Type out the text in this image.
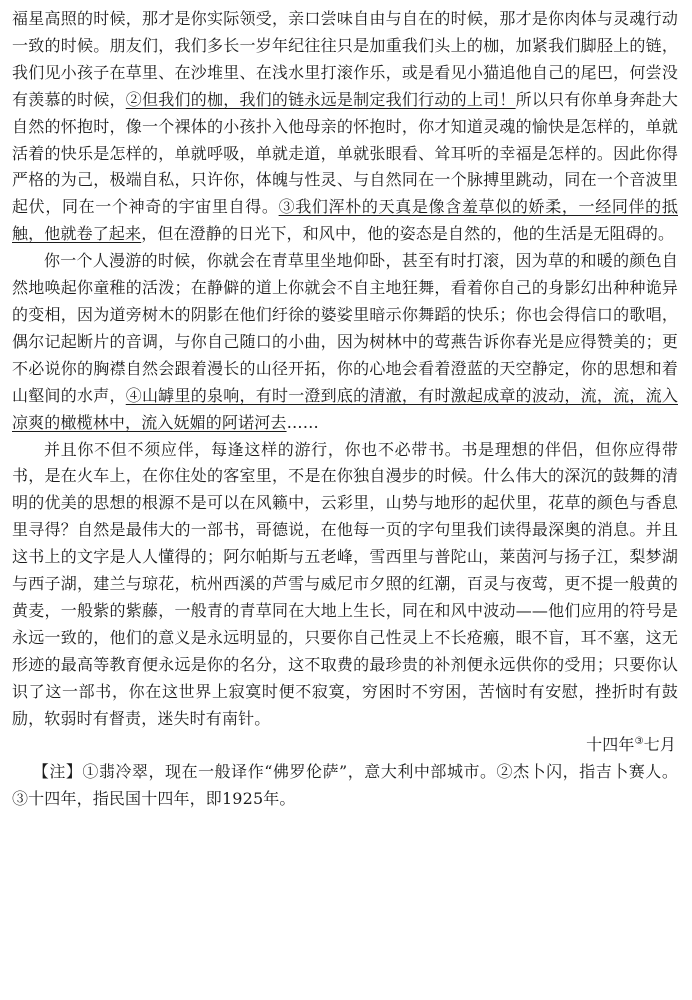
福星高照的时候，那才是你实际领受，亲口尝味自由与自在的时候，那才是你肉体与灵魂行动一致的时候。朋友们，我们多长一岁年纪往往只是加重我们头上的枷，加紧我们脚胫上的链，我们见小孩子在草里、在沙堆里、在浅水里打滚作乐，或是看见小猫追他自己的尾巴，何尝没有羡慕的时候，②但我们的枷，我们的链永远是制定我们行动的上司！所以只有你单身奔赴大自然的怀抱时，像一个裸体的小孩扑入他母亲的怀抱时，你才知道灵魂的愉快是怎样的，单就活着的快乐是怎样的，单就呼吸，单就走道，单就张眼看、耸耳听的幸福是怎样的。因此你得严格的为己，极端自私，只许你，体魄与性灵、与自然同在一个脉搏里跳动，同在一个音波里起伏，同在一个神奇的宇宙里自得。③我们浑朴的天真是像含羞草似的娇柔，一经同伴的抵触，他就卷了起来，但在澄静的日光下，和风中，他的姿态是自然的，他的生活是无阻碍的。

你一个人漫游的时候，你就会在青草里坐地仰卧，甚至有时打滚，因为草的和暖的颜色自然地唤起你童稚的活泼；在静僻的道上你就会不自主地狂舞，看着你自己的身影幻出种种诡异的变相，因为道旁树木的阴影在他们纡徐的婆娑里暗示你舞蹈的快乐；你也会得信口的歌唱，偶尔记起断片的音调，与你自己随口的小曲，因为树林中的莺燕告诉你春光是应得赞美的；更不必说你的胸襟自然会跟着漫长的山径开拓，你的心地会看着澄蓝的天空静定，你的思想和着山壑间的水声，④山罅里的泉响，有时一澄到底的清澈，有时激起成章的波动，流，流，流入凉爽的橄榄林中，流入妩媚的阿诺河去……

并且你不但不须应伴，每逢这样的游行，你也不必带书。书是理想的伴侣，但你应得带书，是在火车上，在你住处的客室里，不是在你独自漫步的时候。什么伟大的深沉的鼓舞的清明的优美的思想的根源不是可以在风籁中，云彩里，山势与地形的起伏里，花草的颜色与香息里寻得？自然是最伟大的一部书，哥德说，在他每一页的字句里我们读得最深奥的消息。并且这书上的文字是人人懂得的；阿尔帕斯与五老峰，雪西里与普陀山，莱茵河与扬子江，梨梦湖与西子湖，建兰与琼花，杭州西溪的芦雪与威尼市夕照的红潮，百灵与夜莺，更不提一般黄的黄麦，一般紫的紫藤，一般青的青草同在大地上生长，同在和风中波动——他们应用的符号是永远一致的，他们的意义是永远明显的，只要你自己性灵上不长疮瘢，眼不盲，耳不塞，这无形迹的最高等教育便永远是你的名分，这不取费的最珍贵的补剂便永远供你的受用；只要你认识了这一部书，你在这世界上寂寞时便不寂寞，穷困时不穷困，苦恼时有安慰，挫折时有鼓励，软弱时有督责，迷失时有南针。

十四年③七月

【注】①翡冷翠，现在一般译作“佛罗伦萨”，意大利中部城市。②杰卜闪，指吉卜赛人。③十四年，指民国十四年，即1925年。
